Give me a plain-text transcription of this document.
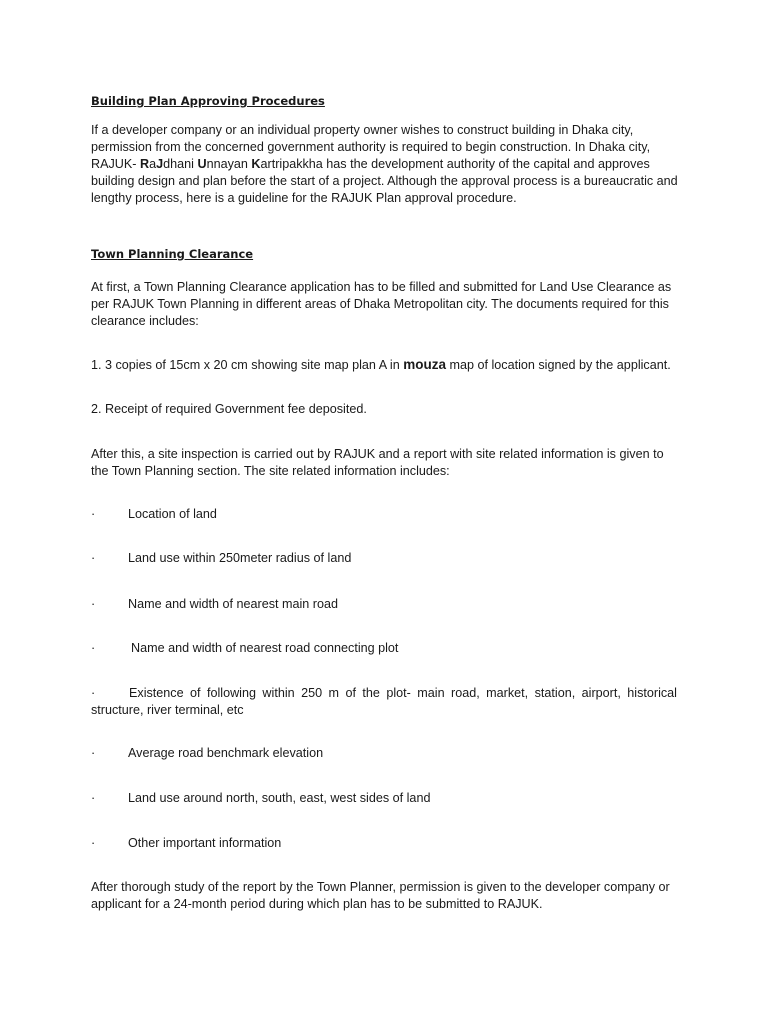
Building Plan Approving Procedures

If a developer company or an individual property owner wishes to construct building in Dhaka city, permission from the concerned government authority is required to begin construction. In Dhaka city, RAJUK- RaJdhani Unnayan Kartripakkha has the development authority of the capital and approves building design and plan before the start of a project. Although the approval process is a bureaucratic and lengthy process, here is a guideline for the RAJUK Plan approval procedure.

Town Planning Clearance

At first, a Town Planning Clearance application has to be filled and submitted for Land Use Clearance as per RAJUK Town Planning in different areas of Dhaka Metropolitan city. The documents required for this clearance includes:

1. 3 copies of 15cm x 20 cm showing site map plan A in mouza map of location signed by the applicant.

2. Receipt of required Government fee deposited.

After this, a site inspection is carried out by RAJUK and a report with site related information is given to the Town Planning section. The site related information includes:

·	Location of land
·	Land use within 250meter radius of land
·	Name and width of nearest main road
·	Name and width of nearest road connecting plot

·	Existence of following within 250 m of the plot- main road, market, station, airport, historical structure, river terminal, etc

·	Average road benchmark elevation
·	Land use around north, south, east, west sides of land
·	Other important information

After thorough study of the report by the Town Planner, permission is given to the developer company or applicant for a 24-month period during which plan has to be submitted to RAJUK.
